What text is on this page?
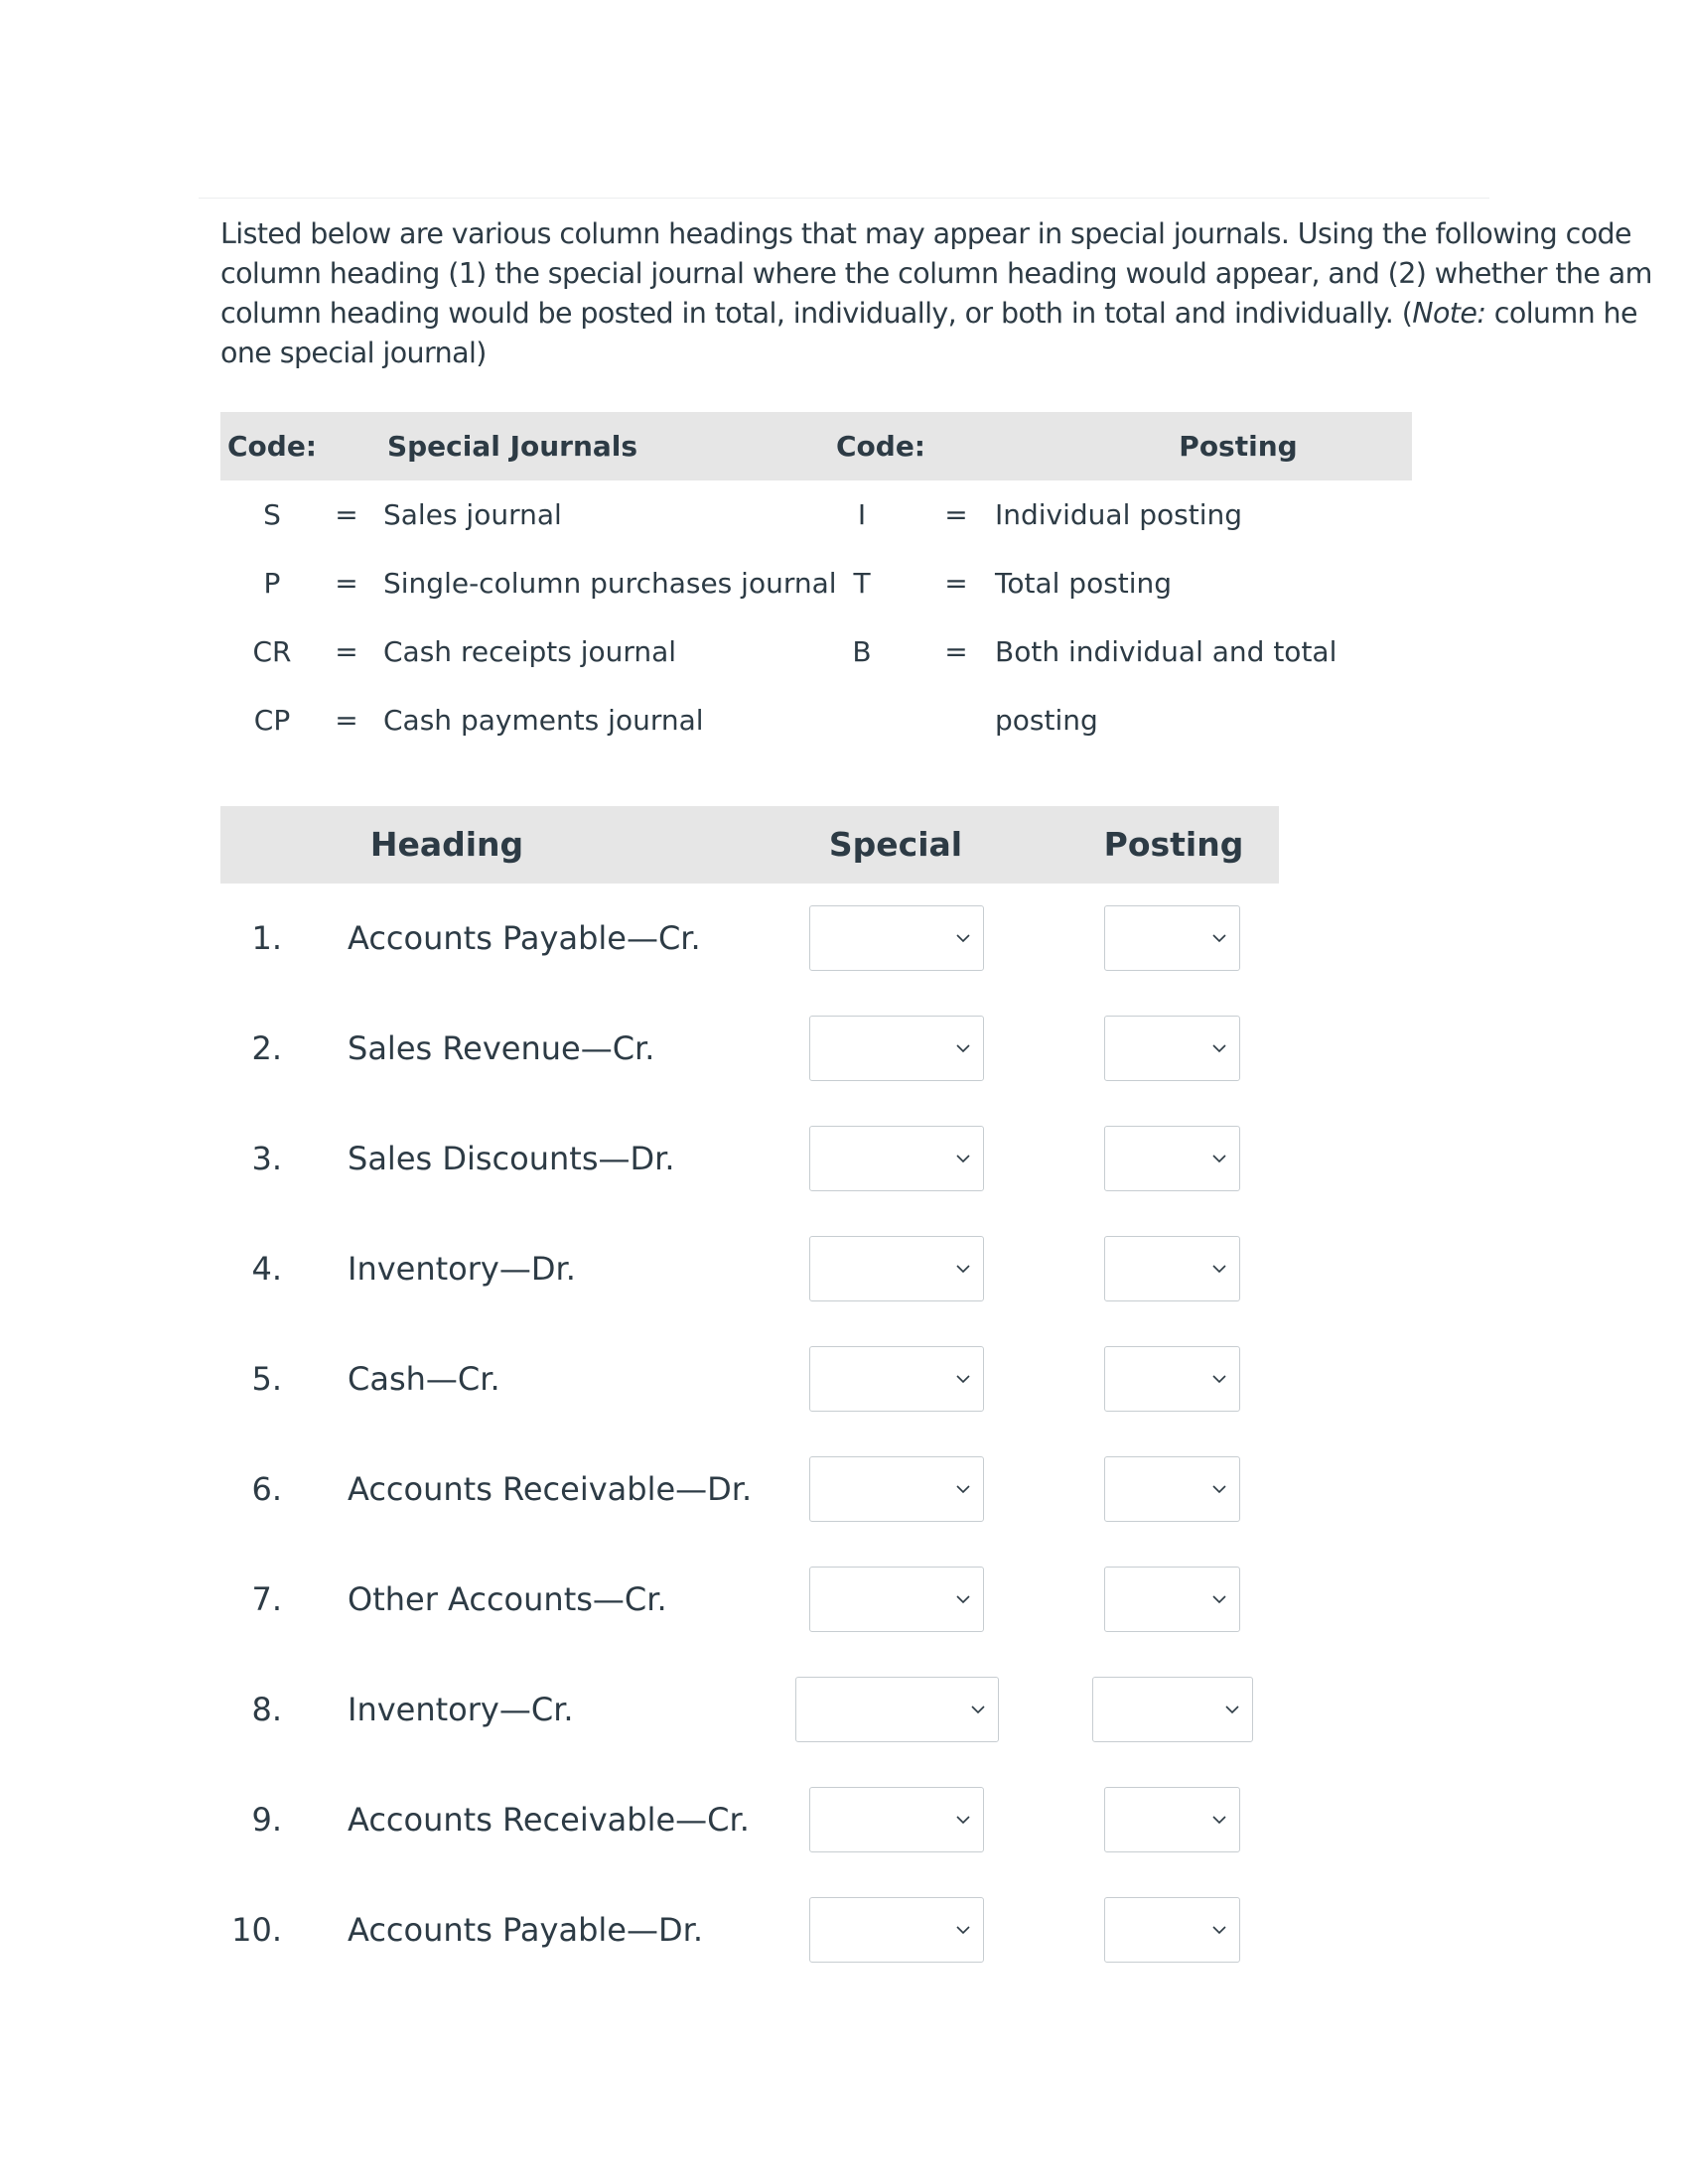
Listed below are various column headings that may appear in special journals. Using the following code
column heading (1) the special journal where the column heading would appear, and (2) whether the am
column heading would be posted in total, individually, or both in total and individually. (Note: column he
one special journal)
Code:	Special Journals	Code:	Posting
S	= Sales journal	I	= Individual posting
P	= Single-column purchases journal T	= Total posting
CR	= Cash receipts journal	B	= Both individual and total posting
CP	= Cash payments journal
Heading	Special	Posting
1. Accounts Payable—Cr.
2. Sales Revenue—Cr.
3. Sales Discounts—Dr.
4. Inventory—Dr.
5. Cash—Cr.
6. Accounts Receivable—Dr.
7. Other Accounts—Cr.
8. Inventory—Cr.
9. Accounts Receivable—Cr.
10. Accounts Payable—Dr.
